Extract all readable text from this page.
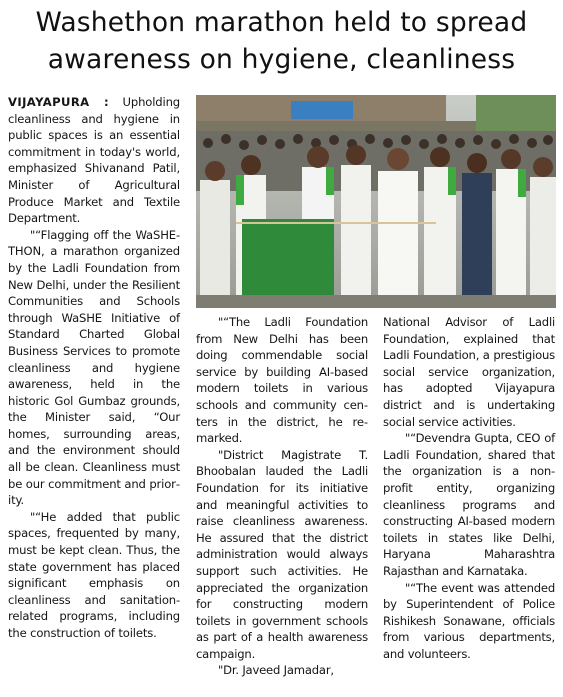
Washethon marathon held to spread
awareness on hygiene, cleanliness

VIJAYAPURA : Upholding cleanliness and hygiene in public spaces is an essential commitment in today's world, emphasized Shivanand Patil, Minister of Agricultural Produce Market and Textile Department.

"“Flagging off the WaSHE-THON, a marathon organized by the Ladli Foundation from New Delhi, under the Resilient Communities and Schools through WaSHE Initiative of Standard Charted Global Business Services to promote cleanliness and hygiene awareness, held in the historic Gol Gumbaz grounds, the Minister said, “Our homes, surrounding areas, and the environment should all be clean. Cleanliness must be our commitment and priority.

"“He added that public spaces, frequented by many, must be kept clean. Thus, the state government has placed significant emphasis on cleanliness and sanitation-related programs, including the construction of toilets.

"“The Ladli Foundation from New Delhi has been doing commendable social service by building AI-based modern toilets in various schools and community centers in the district, he remarked.

"District Magistrate T. Bhoobalan lauded the Ladli Foundation for its initiative and meaningful activities to raise cleanliness awareness. He assured that the district administration would always support such activities. He appreciated the organization for constructing modern toilets in government schools as part of a health awareness campaign.

"Dr. Javeed Jamadar,

National Advisor of Ladli Foundation, explained that Ladli Foundation, a prestigious social service organization, has adopted Vijayapura district and is undertaking social service activities.

"“Devendra Gupta, CEO of Ladli Foundation, shared that the organization is a non-profit entity, organizing cleanliness programs and constructing AI-based modern toilets in states like Delhi, Haryana Maharashtra Rajasthan and Karnataka.

"“The event was attended by Superintendent of Police Rishikesh Sonawane, officials from various departments, and volunteers.
